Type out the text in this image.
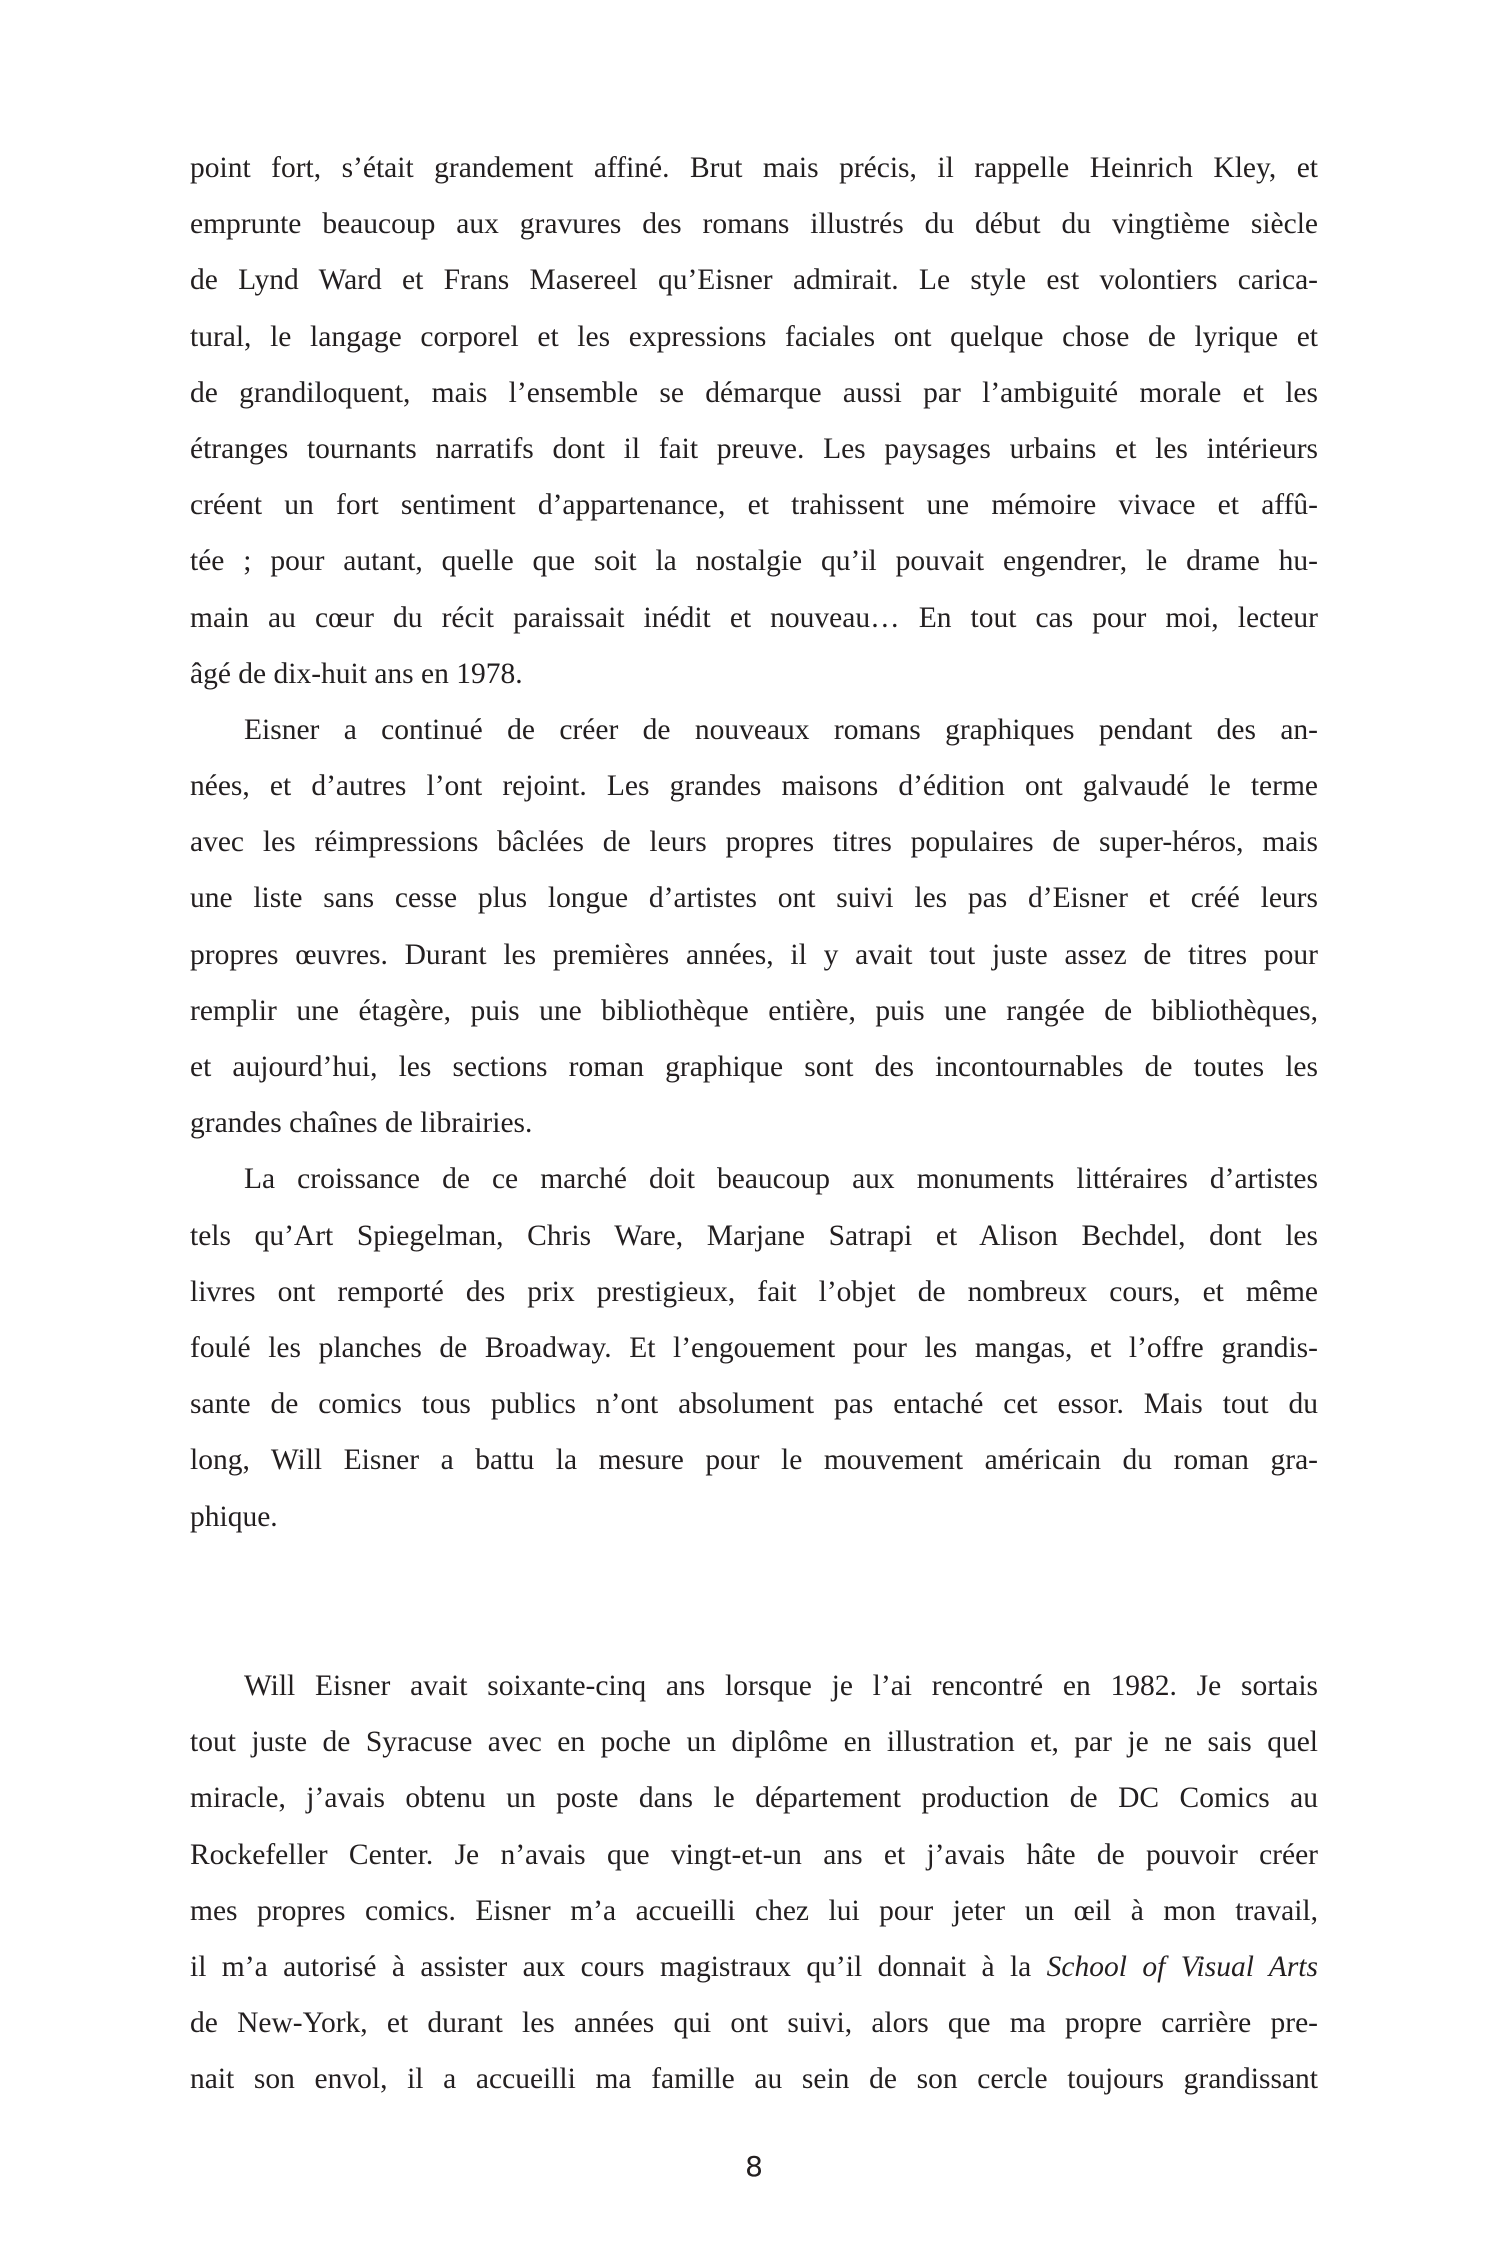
point fort, s’était grandement affiné. Brut mais précis, il rappelle Heinrich Kley, et
emprunte beaucoup aux gravures des romans illustrés du début du vingtième siècle
de Lynd Ward et Frans Masereel qu’Eisner admirait. Le style est volontiers carica-
tural, le langage corporel et les expressions faciales ont quelque chose de lyrique et
de grandiloquent, mais l’ensemble se démarque aussi par l’ambiguité morale et les
étranges tournants narratifs dont il fait preuve. Les paysages urbains et les intérieurs
créent un fort sentiment d’appartenance, et trahissent une mémoire vivace et affû-
tée ; pour autant, quelle que soit la nostalgie qu’il pouvait engendrer, le drame hu-
main au cœur du récit paraissait inédit et nouveau… En tout cas pour moi, lecteur
âgé de dix-huit ans en 1978.
Eisner a continué de créer de nouveaux romans graphiques pendant des an-
nées, et d’autres l’ont rejoint. Les grandes maisons d’édition ont galvaudé le terme
avec les réimpressions bâclées de leurs propres titres populaires de super-héros, mais
une liste sans cesse plus longue d’artistes ont suivi les pas d’Eisner et créé leurs
propres œuvres. Durant les premières années, il y avait tout juste assez de titres pour
remplir une étagère, puis une bibliothèque entière, puis une rangée de bibliothèques,
et aujourd’hui, les sections roman graphique sont des incontournables de toutes les
grandes chaînes de librairies.
La croissance de ce marché doit beaucoup aux monuments littéraires d’artistes
tels qu’Art Spiegelman, Chris Ware, Marjane Satrapi et Alison Bechdel, dont les
livres ont remporté des prix prestigieux, fait l’objet de nombreux cours, et même
foulé les planches de Broadway. Et l’engouement pour les mangas, et l’offre grandis-
sante de comics tous publics n’ont absolument pas entaché cet essor. Mais tout du
long, Will Eisner a battu la mesure pour le mouvement américain du roman gra-
phique.
Will Eisner avait soixante-cinq ans lorsque je l’ai rencontré en 1982. Je sortais
tout juste de Syracuse avec en poche un diplôme en illustration et, par je ne sais quel
miracle, j’avais obtenu un poste dans le département production de DC Comics au
Rockefeller Center. Je n’avais que vingt-et-un ans et j’avais hâte de pouvoir créer
mes propres comics. Eisner m’a accueilli chez lui pour jeter un œil à mon travail,
il m’a autorisé à assister aux cours magistraux qu’il donnait à la School of Visual Arts
de New-York, et durant les années qui ont suivi, alors que ma propre carrière pre-
nait son envol, il a accueilli ma famille au sein de son cercle toujours grandissant
8
